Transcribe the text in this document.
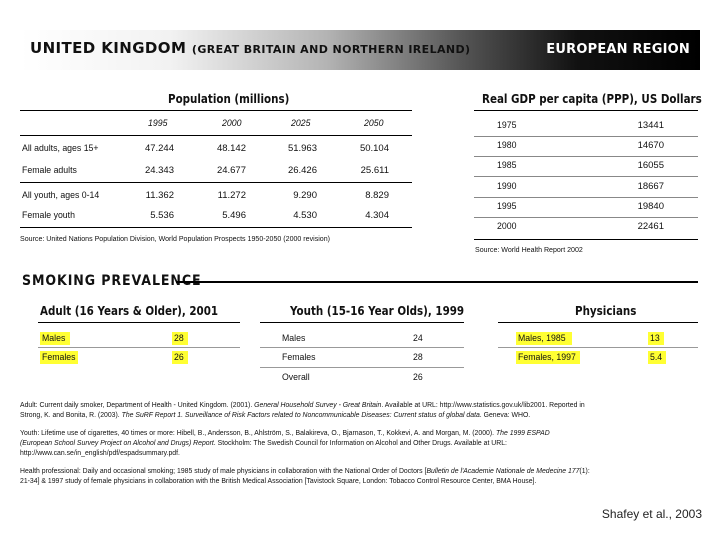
UNITED KINGDOM (GREAT BRITAIN AND NORTHERN IRELAND)	EUROPEAN REGION
Population (millions)
1995	2000	2025	2050
All adults, ages 15+	47.244	48.142	51.963	50.104
Female adults	24.343	24.677	26.426	25.611
All youth, ages 0-14	11.362	11.272	9.290	8.829
Female youth	5.536	5.496	4.530	4.304
Source: United Nations Population Division, World Population Prospects 1950-2050 (2000 revision)
Real GDP per capita (PPP), US Dollars
1975	13441
1980	14670
1985	16055
1990	18667
1995	19840
2000	22461
Source: World Health Report 2002
SMOKING PREVALENCE
Adult (16 Years & Older), 2001
Males	28
Females	26
Youth (15-16 Year Olds), 1999
Males	24
Females	28
Overall	26
Physicians
Males, 1985	13
Females, 1997	5.4
Adult: Current daily smoker, Department of Health - United Kingdom. (2001). General Household Survey - Great Britain. Available at URL: http://www.statistics.gov.uk/lib2001. Reported in
Strong, K. and Bonita, R. (2003). The SuRF Report 1. Surveillance of Risk Factors related to Noncommunicable Diseases: Current status of global data. Geneva: WHO.
Youth: Lifetime use of cigarettes, 40 times or more: Hibell, B., Andersson, B., Ahlström, S., Balakireva, O., Bjarnason, T., Kokkevi, A. and Morgan, M. (2000). The 1999 ESPAD
(European School Survey Project on Alcohol and Drugs) Report. Stockholm: The Swedish Council for Information on Alcohol and Other Drugs. Available at URL:
http://www.can.se/in_english/pdf/espadsummary.pdf.
Health professional: Daily and occasional smoking; 1985 study of male physicians in collaboration with the National Order of Doctors [Bulletin de l'Academie Nationale de Medecine 177(1):
21-34] & 1997 study of female physicians in collaboration with the British Medical Association [Tavistock Square, London: Tobacco Control Resource Center, BMA House].
Shafey et al., 2003
